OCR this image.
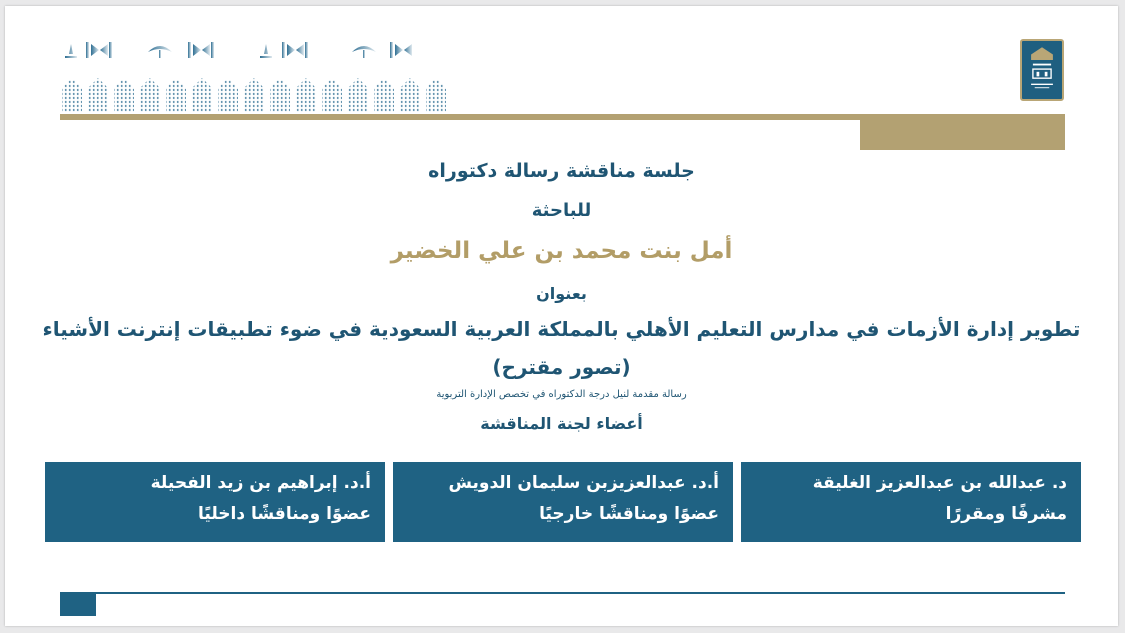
جلسة مناقشة رسالة دكتوراه
للباحثة
أمل بنت محمد بن علي الخضير
بعنوان
تطوير إدارة الأزمات في مدارس التعليم الأهلي بالمملكة العربية السعودية في ضوء تطبيقات إنترنت الأشياء
(تصور مقترح)
رسالة مقدمة لنيل درجة الدكتوراه في تخصص الإدارة التربوية
أعضاء لجنة المناقشة
د. عبدالله بن عبدالعزيز الغليقة
مشرفًا ومقررًا
أ.د. عبدالعزيزبن سليمان الدويش
عضوًا ومناقشًا خارجيًا
أ.د. إبراهيم بن زيد الفحيلة
عضوًا ومناقشًا داخليًا
